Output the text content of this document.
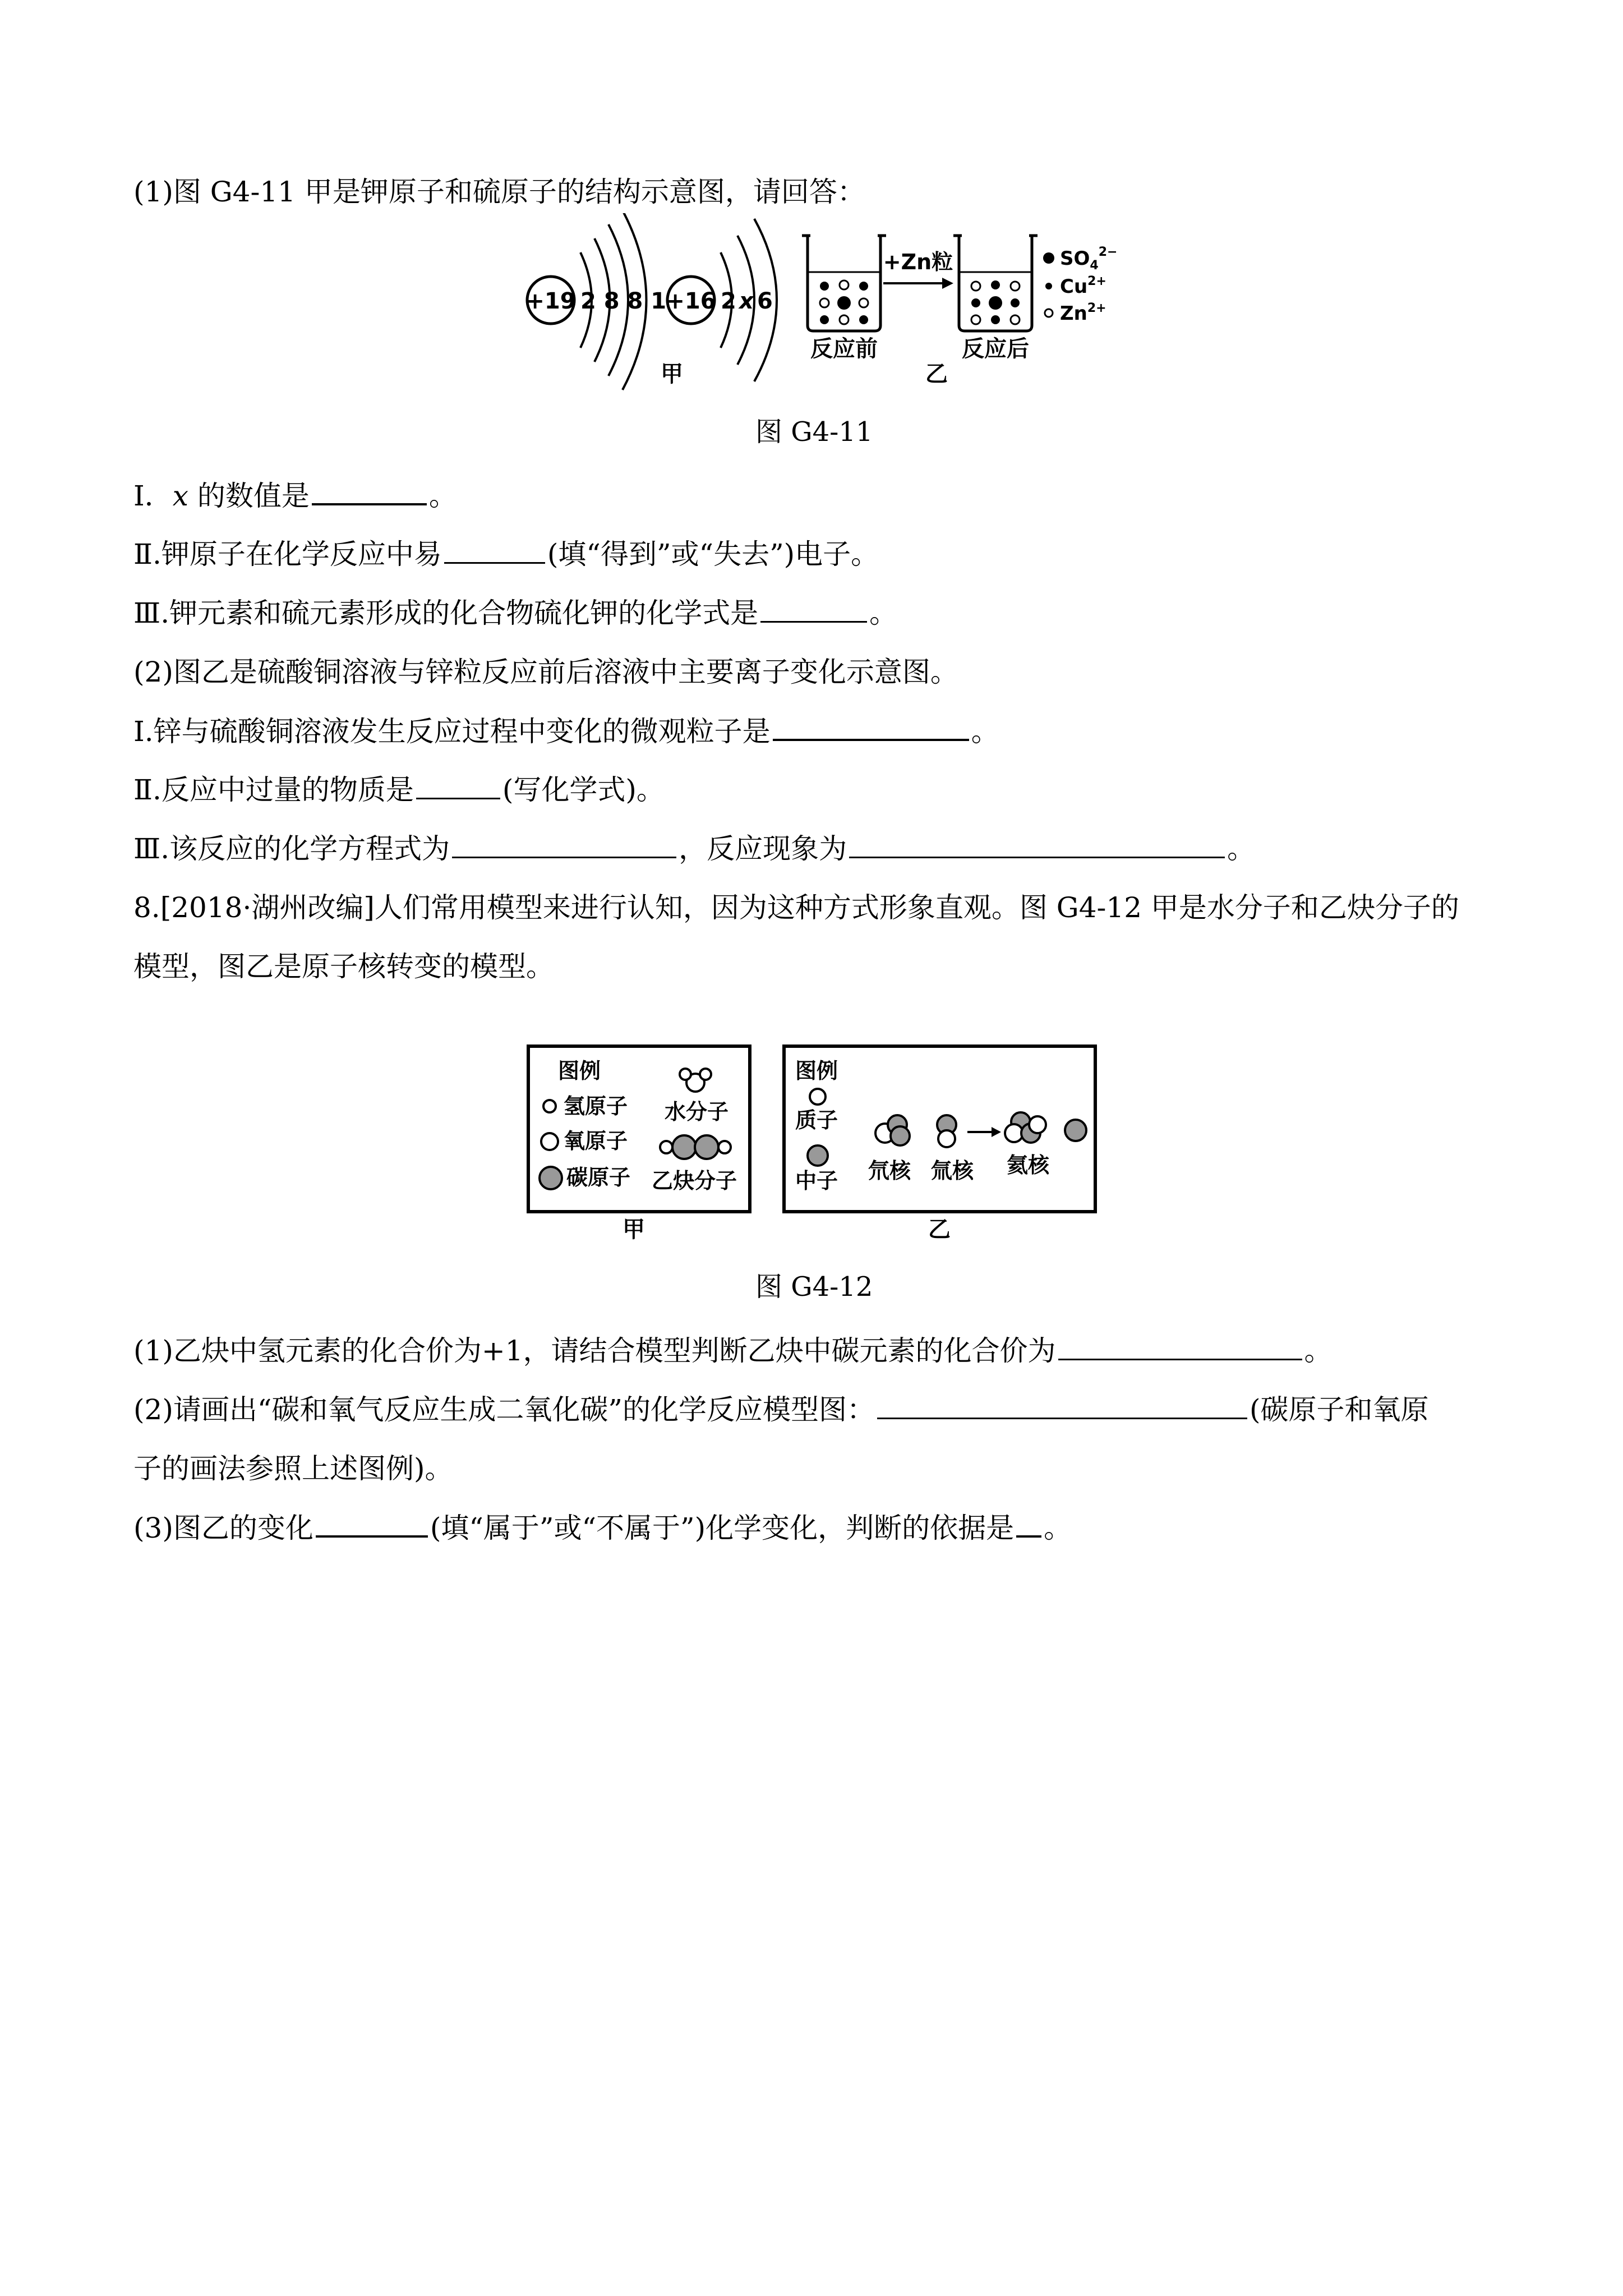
(1)图 G4-11 甲是钾原子和硫原子的结构示意图，请回答：
+19 2 8 8 1 +16 2 x 6
反应前
+Zn粒
反应后
$SO_4^{2-}$
$Cu^{2+}$
$Zn^{2+}$
甲	乙
图 G4-11
Ⅰ．x 的数值是	。
Ⅱ.钾原子在化学反应中易	(填“得到”或“失去”)电子。
Ⅲ.钾元素和硫元素形成的化合物硫化钾的化学式是	。
(2)图乙是硫酸铜溶液与锌粒反应前后溶液中主要离子变化示意图。
Ⅰ.锌与硫酸铜溶液发生反应过程中变化的微观粒子是	。
Ⅱ.反应中过量的物质是	(写化学式)。
Ⅲ.该反应的化学方程式为	，反应现象为	。
8.[2018·湖州改编]人们常用模型来进行认知，因为这种方式形象直观。图 G4-12 甲是水分子和乙炔分子的
模型，图乙是原子核转变的模型。
图例
氢原子
氧原子
碳原子
水分子
乙炔分子
甲
图例
质子
中子 氘核 氚核 氦核
乙
图 G4-12
(1)乙炔中氢元素的化合价为+1，请结合模型判断乙炔中碳元素的化合价为	。
(2)请画出“碳和氧气反应生成二氧化碳”的化学反应模型图：	(碳原子和氧原
子的画法参照上述图例)。
(3)图乙的变化	(填“属于”或“不属于”)化学变化，判断的依据是 。
